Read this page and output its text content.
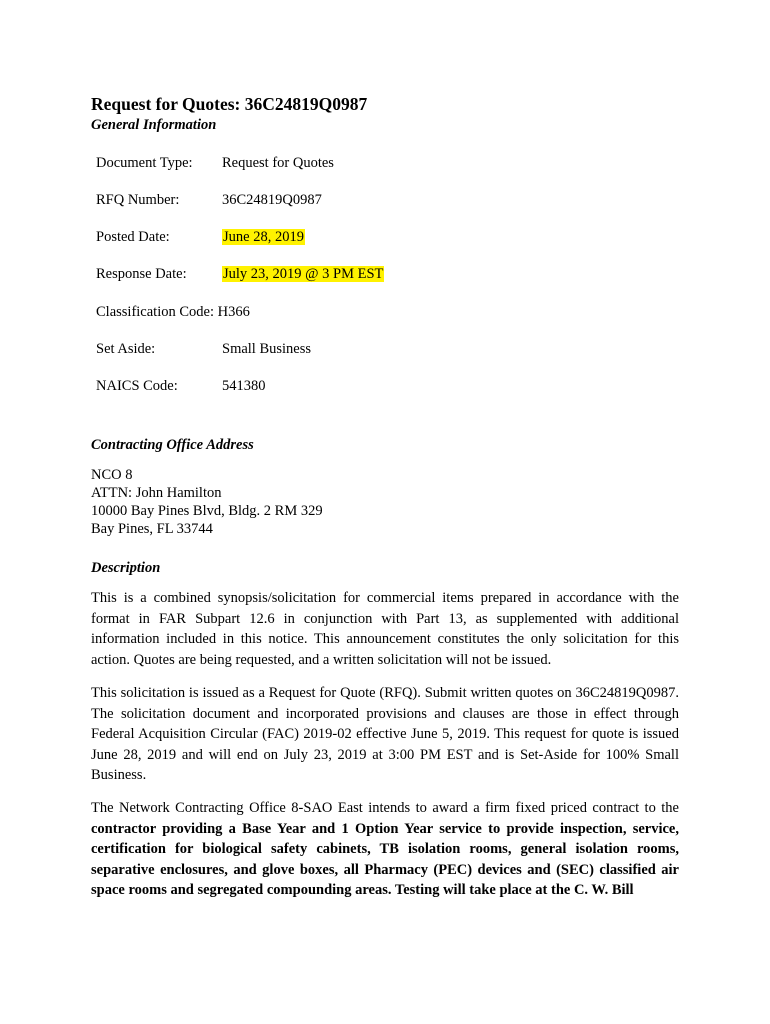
Request for Quotes: 36C24819Q0987

General Information

Document Type: Request for Quotes
RFQ Number:	36C24819Q0987
Posted Date:	June 28, 2019
Response Date:	July 23, 2019 @ 3 PM EST
Classification Code: H366
Set Aside:	Small Business
NAICS Code:	541380

Contracting Office Address

NCO 8
ATTN: John Hamilton
10000 Bay Pines Blvd, Bldg. 2 RM 329
Bay Pines, FL 33744

Description

This is a combined synopsis/solicitation for commercial items prepared in accordance with the format in FAR Subpart 12.6 in conjunction with Part 13, as supplemented with additional information included in this notice. This announcement constitutes the only solicitation for this action. Quotes are being requested, and a written solicitation will not be issued.

This solicitation is issued as a Request for Quote (RFQ). Submit written quotes on 36C24819Q0987. The solicitation document and incorporated provisions and clauses are those in effect through Federal Acquisition Circular (FAC) 2019-02 effective June 5, 2019. This request for quote is issued June 28, 2019 and will end on July 23, 2019 at 3:00 PM EST and is Set-Aside for 100% Small Business.

The Network Contracting Office 8-SAO East intends to award a firm fixed priced contract to the contractor providing a Base Year and 1 Option Year service to provide inspection, service, certification for biological safety cabinets, TB isolation rooms, general isolation rooms, separative enclosures, and glove boxes, all Pharmacy (PEC) devices and (SEC) classified air space rooms and segregated compounding areas. Testing will take place at the C. W. Bill
